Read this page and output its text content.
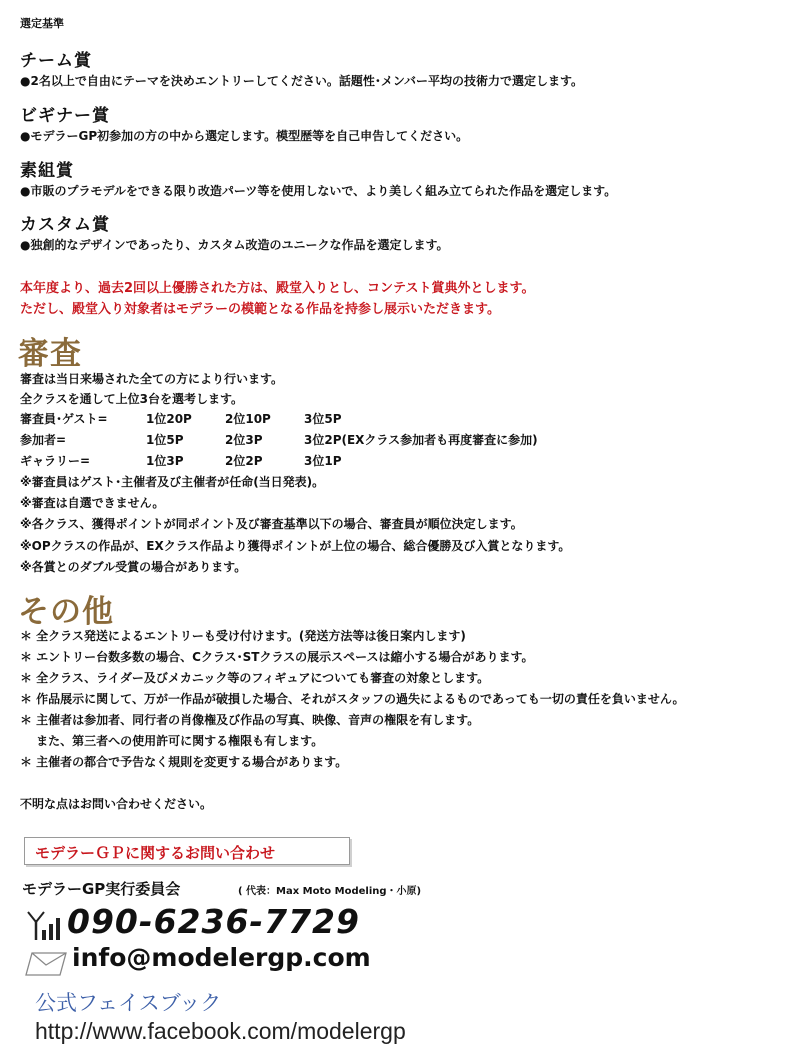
選定基準
チーム賞
●2名以上で自由にテーマを決めエントリーしてください。話題性･メンバー平均の技術力で選定します。
ビギナー賞
●モデラーGP初参加の方の中から選定します。模型歴等を自己申告してください。
素組賞
●市販のプラモデルをできる限り改造パーツ等を使用しないで、より美しく組み立てられた作品を選定します。
カスタム賞
●独創的なデザインであったり、カスタム改造のユニークな作品を選定します。
本年度より、過去2回以上優勝された方は、殿堂入りとし、コンテスト賞典外とします。
ただし、殿堂入り対象者はモデラーの模範となる作品を持参し展示いただきます。
審査
審査は当日来場された全ての方により行います。
全クラスを通して上位3台を選考します。
審査員･ゲスト=	1位20P	2位10P	3位5P
参加者=	1位5P	2位3P	3位2P(EXクラス参加者も再度審査に参加)
ギャラリー=	1位3P	2位2P	3位1P
※審査員はゲスト･主催者及び主催者が任命(当日発表)。
※審査は自選できません。
※各クラス、獲得ポイントが同ポイント及び審査基準以下の場合、審査員が順位決定します。
※OPクラスの作品が、EXクラス作品より獲得ポイントが上位の場合、総合優勝及び入賞となります。
※各賞とのダブル受賞の場合があります。
その他
＊ 全クラス発送によるエントリーも受け付けます。(発送方法等は後日案内します)
＊ エントリー台数多数の場合、Cクラス･STクラスの展示スペースは縮小する場合があります。
＊ 全クラス、ライダー及びメカニック等のフィギュアについても審査の対象とします。
＊ 作品展示に関して、万が一作品が破損した場合、それがスタッフの過失によるものであっても一切の責任を負いません。
＊ 主催者は参加者、同行者の肖像権及び作品の写真、映像、音声の権限を有します。
　 また、第三者への使用許可に関する権限も有します。
＊ 主催者の都合で予告なく規則を変更する場合があります。
不明な点はお問い合わせください。
モデラーＧＰに関するお問い合わせ
モデラーGP実行委員会	( 代表：Max Moto Modeling・小原)
090-6236-7729
info@modelergp.com
公式フェイスブック
http://www.facebook.com/modelergp
